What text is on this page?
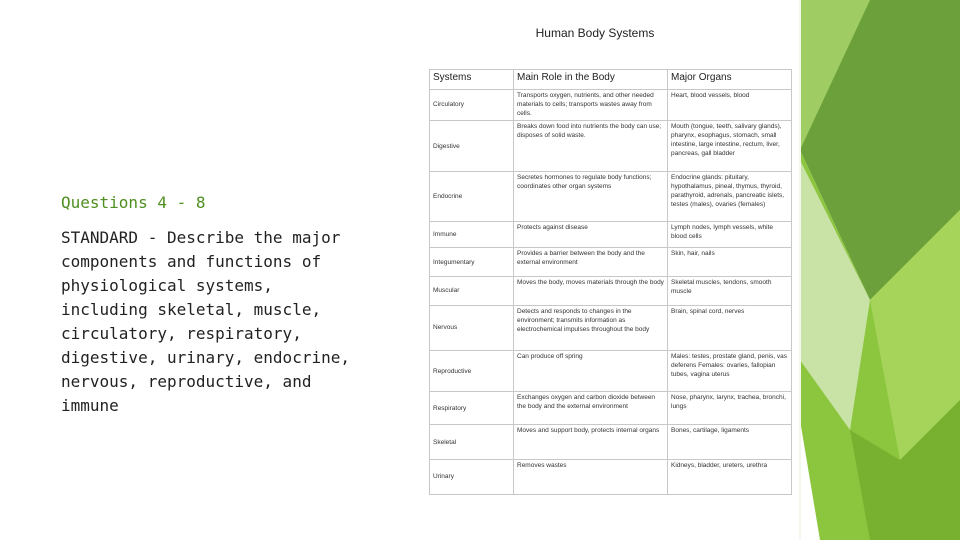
Questions 4 - 8
STANDARD - Describe the major components and functions of physiological systems, including skeletal, muscle, circulatory, respiratory, digestive, urinary, endocrine, nervous, reproductive, and immune
Human Body Systems
Systems	Main Role in the Body	Major Organs
Circulatory	Transports oxygen, nutrients, and other needed materials to cells; transports wastes away from cells.	Heart, blood vessels, blood
Digestive	Breaks down food into nutrients the body can use; disposes of solid waste.	Mouth (tongue, teeth, salivary glands), pharynx, esophagus, stomach, small intestine, large intestine, rectum, liver, pancreas, gall bladder
Endocrine	Secretes hormones to regulate body functions; coordinates other organ systems	Endocrine glands: pituitary, hypothalamus, pineal, thymus, thyroid, parathyroid, adrenals, pancreatic islets, testes (males), ovaries (females)
Immune	Protects against disease	Lymph nodes, lymph vessels, white blood cells
Integumentary	Provides a barrier between the body and the external environment	Skin, hair, nails
Muscular	Moves the body, moves materials through the body	Skeletal muscles, tendons, smooth muscle
Nervous	Detects and responds to changes in the environment; transmits information as electrochemical impulses throughout the body	Brain, spinal cord, nerves
Reproductive	Can produce off spring	Males: testes, prostate gland, penis, vas deferens Females: ovaries, fallopian tubes, vagina uterus
Respiratory	Exchanges oxygen and carbon dioxide between the body and the external environment	Nose, pharynx, larynx, trachea, bronchi, lungs
Skeletal	Moves and support body, protects internal organs	Bones, cartilage, ligaments
Urinary	Removes wastes	Kidneys, bladder, ureters, urethra
